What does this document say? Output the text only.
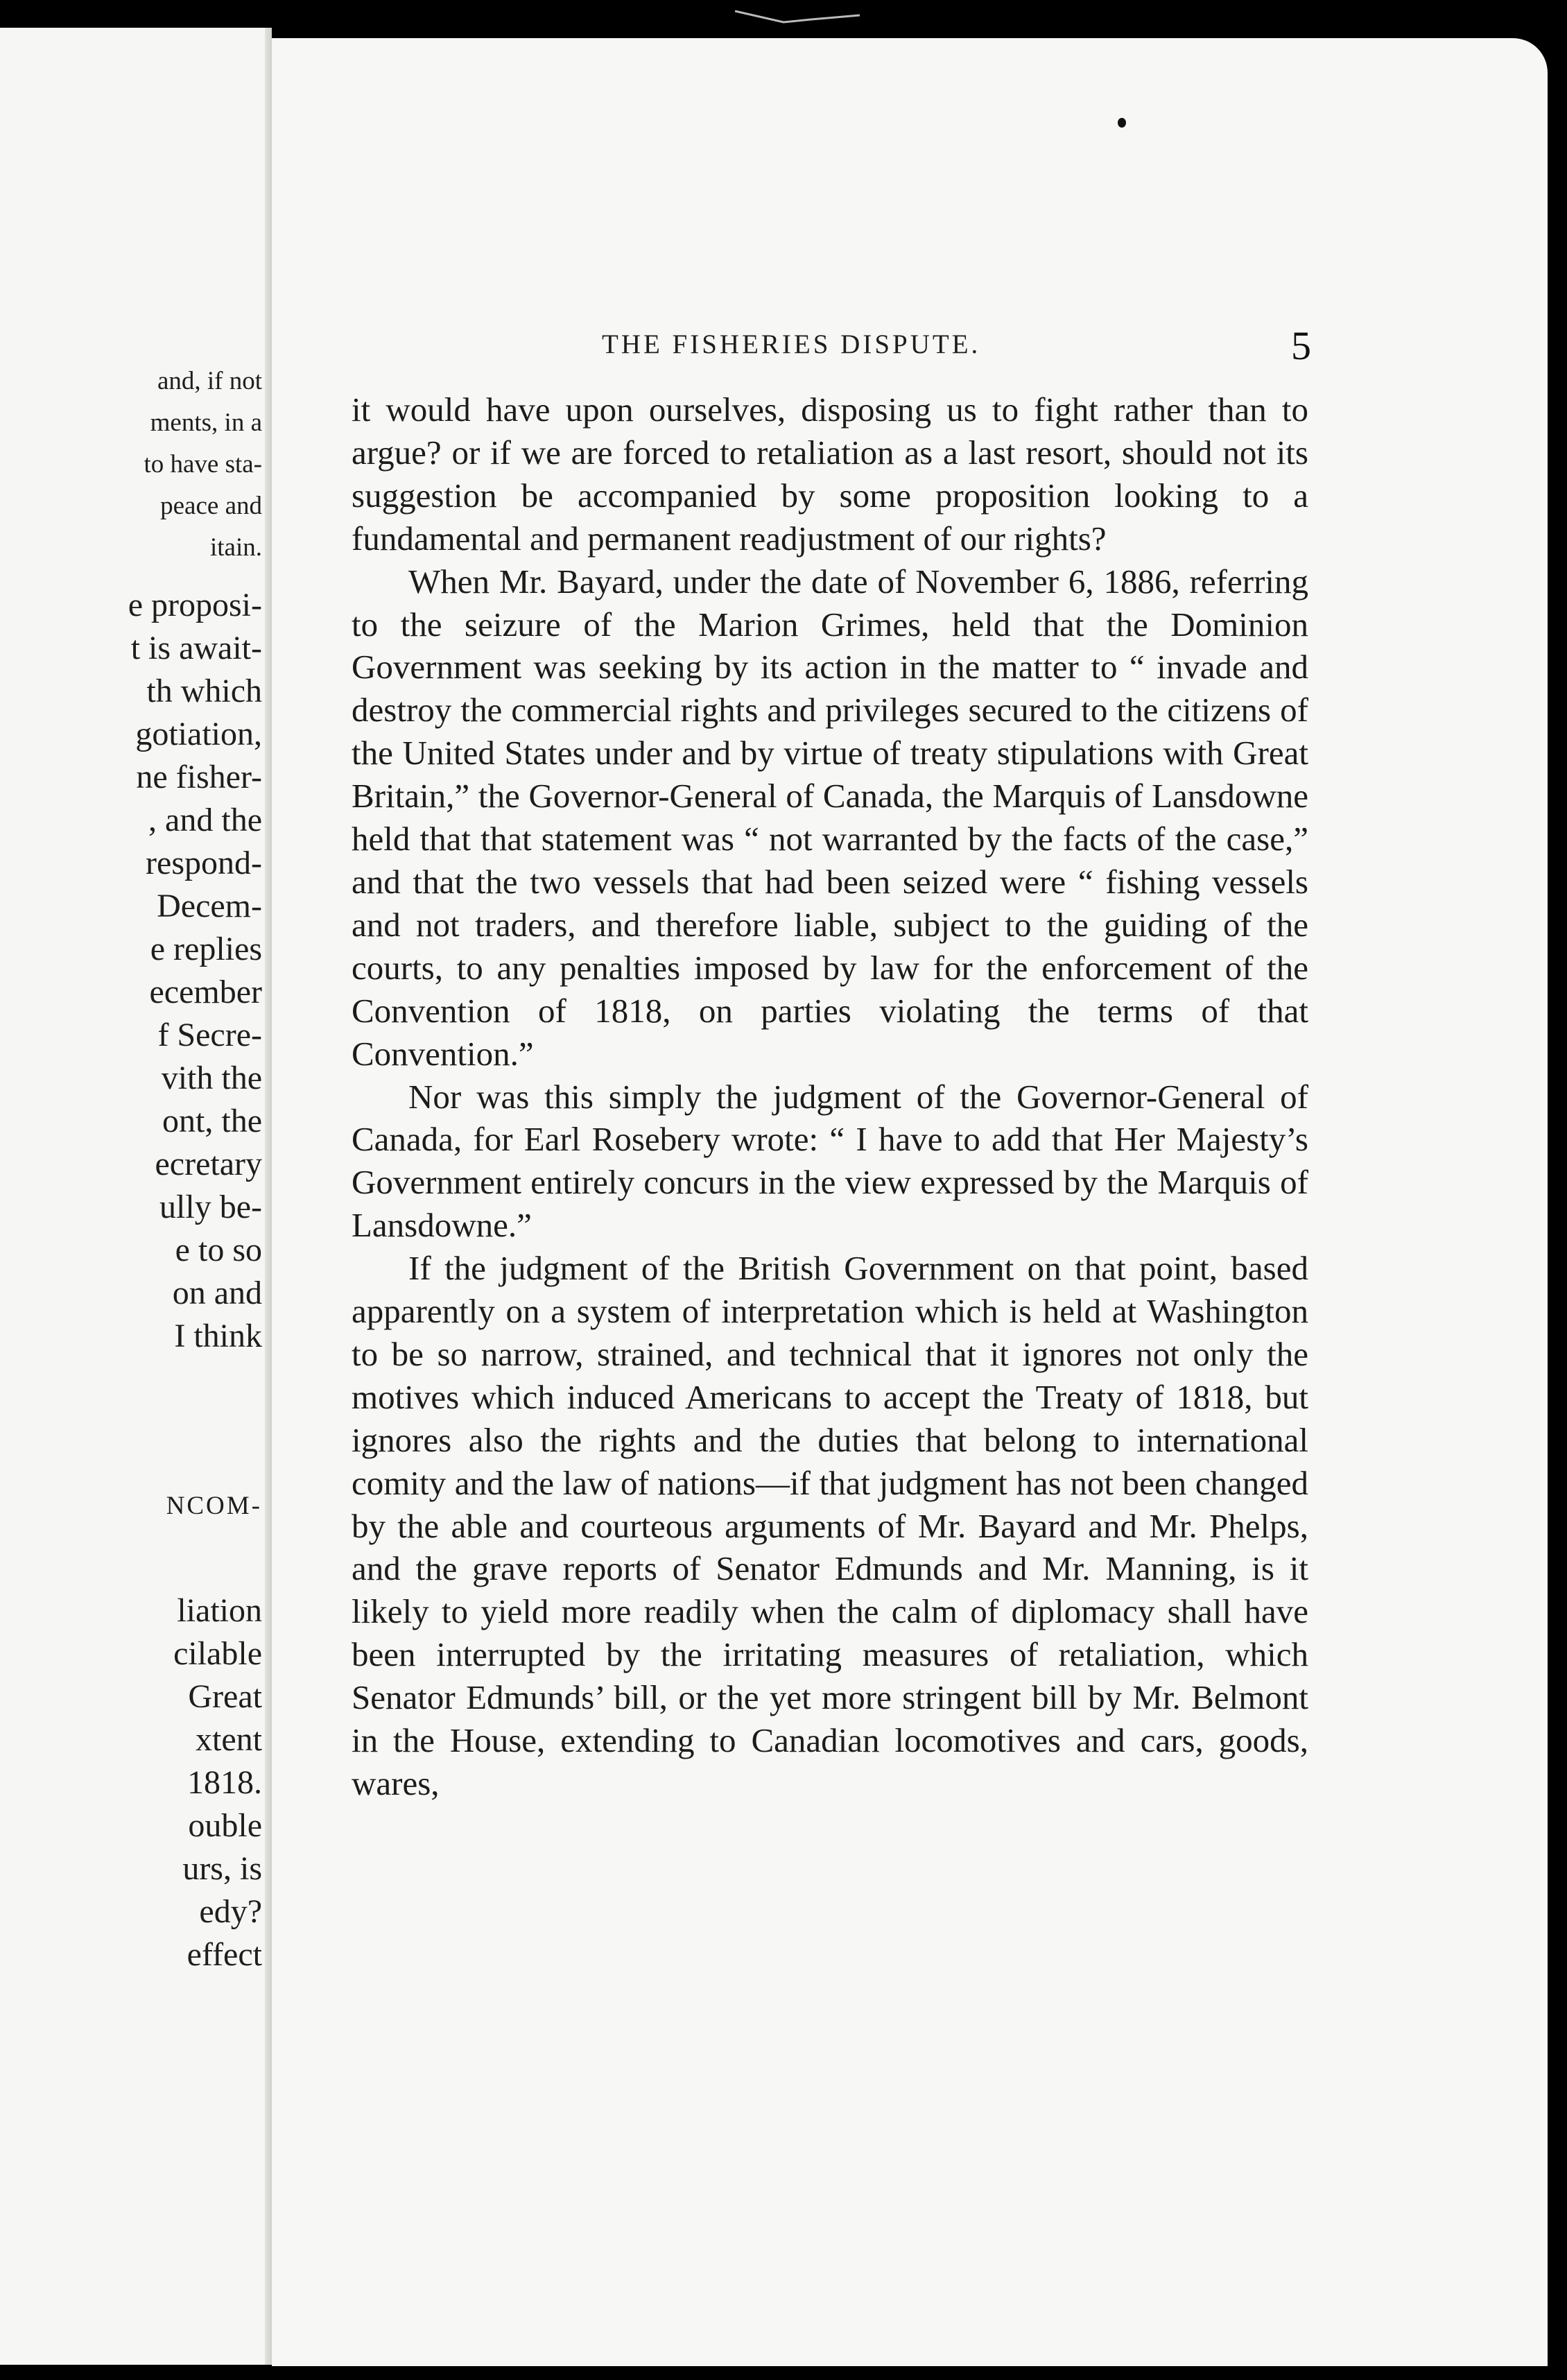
and, if not
ments, in a
to have sta-
peace and
itain.
e proposi-
t is await-
th which
gotiation,
ne fisher-
, and the
respond-
Decem-
e replies
ecember
f Secre-
vith the
ont, the
ecretary
ully be-
e to so
on and
I think
NCOM-
liation
cilable
Great
xtent
1818.
ouble
urs, is
edy?
effect
THE FISHERIES DISPUTE.	5

it would have upon ourselves, disposing us to fight rather than to argue? or if we are forced to retaliation as a last resort, should not its suggestion be accompanied by some proposition looking to a fundamental and permanent readjustment of our rights?

When Mr. Bayard, under the date of November 6, 1886, referring to the seizure of the Marion Grimes, held that the Dominion Government was seeking by its action in the matter to “ invade and destroy the commercial rights and privileges secured to the citizens of the United States under and by virtue of treaty stipulations with Great Britain,” the Governor-General of Canada, the Marquis of Lansdowne held that that statement was “ not warranted by the facts of the case,” and that the two vessels that had been seized were “ fishing vessels and not traders, and therefore liable, subject to the guiding of the courts, to any penalties imposed by law for the enforcement of the Convention of 1818, on parties violating the terms of that Convention.”

Nor was this simply the judgment of the Governor-General of Canada, for Earl Rosebery wrote: “ I have to add that Her Majesty’s Government entirely concurs in the view expressed by the Marquis of Lansdowne.”

If the judgment of the British Government on that point, based apparently on a system of interpretation which is held at Washington to be so narrow, strained, and technical that it ignores not only the motives which induced Americans to accept the Treaty of 1818, but ignores also the rights and the duties that belong to international comity and the law of nations—if that judgment has not been changed by the able and courteous arguments of Mr. Bayard and Mr. Phelps, and the grave reports of Senator Edmunds and Mr. Manning, is it likely to yield more readily when the calm of diplomacy shall have been interrupted by the irritating measures of retaliation, which Senator Edmunds’ bill, or the yet more stringent bill by Mr. Belmont in the House, extending to Canadian locomotives and cars, goods, wares,
